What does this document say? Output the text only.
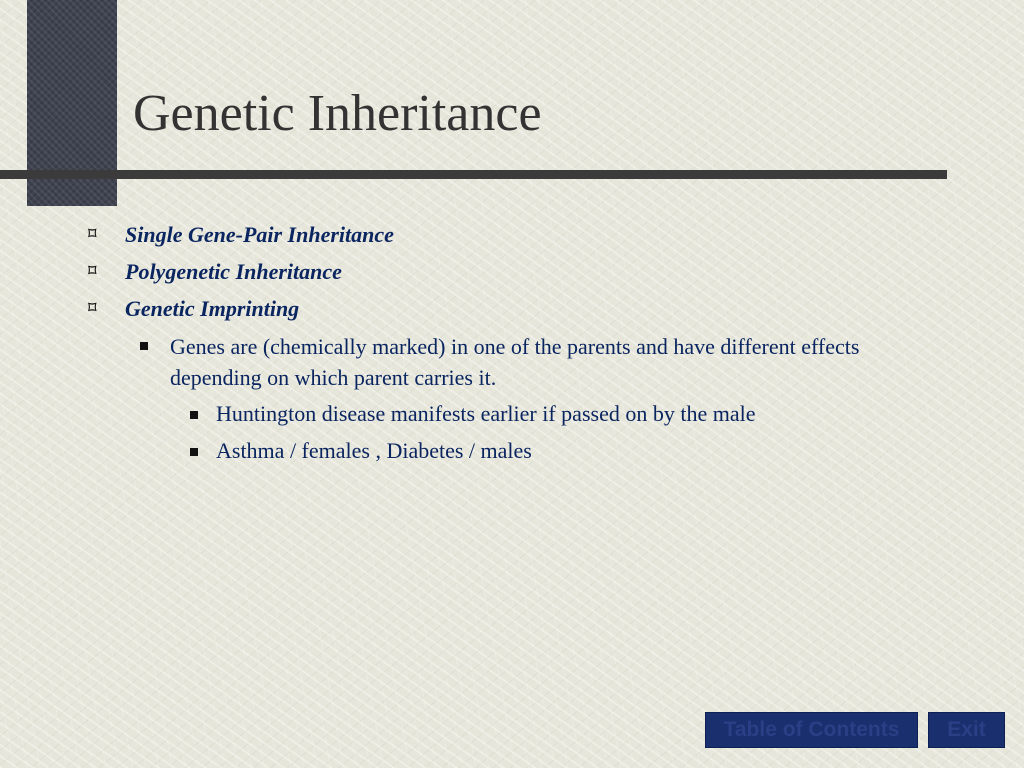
Genetic Inheritance
⌑ Single Gene-Pair Inheritance
⌑ Polygenetic Inheritance
⌑ Genetic Imprinting
Genes are (chemically marked) in one of the parents and have different effects depending on which parent carries it.
Huntington disease manifests earlier if passed on by the male
Asthma / females , Diabetes / males
Table of Contents	Exit
